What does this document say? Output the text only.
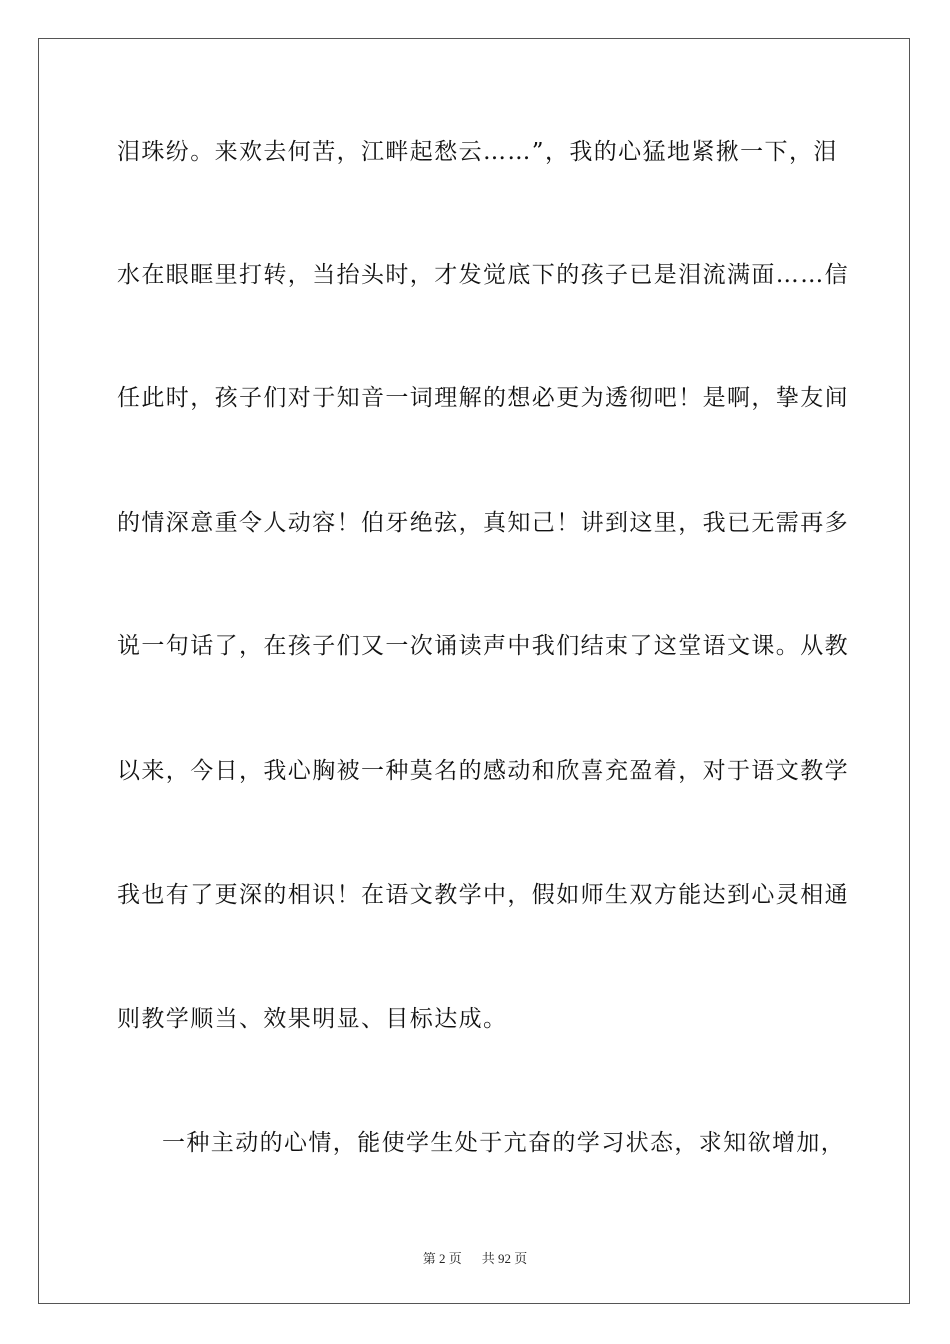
泪珠纷。来欢去何苦，江畔起愁云……”，我的心猛地紧揪一下，泪
水在眼眶里打转，当抬头时，才发觉底下的孩子已是泪流满面……信
任此时，孩子们对于知音一词理解的想必更为透彻吧！是啊，挚友间
的情深意重令人动容！伯牙绝弦，真知己！讲到这里，我已无需再多
说一句话了，在孩子们又一次诵读声中我们结束了这堂语文课。从教
以来，今日，我心胸被一种莫名的感动和欣喜充盈着，对于语文教学
我也有了更深的相识！在语文教学中，假如师生双方能达到心灵相通
则教学顺当、效果明显、目标达成。
一种主动的心情，能使学生处于亢奋的学习状态，求知欲增加，
第 2 页 共 92 页
